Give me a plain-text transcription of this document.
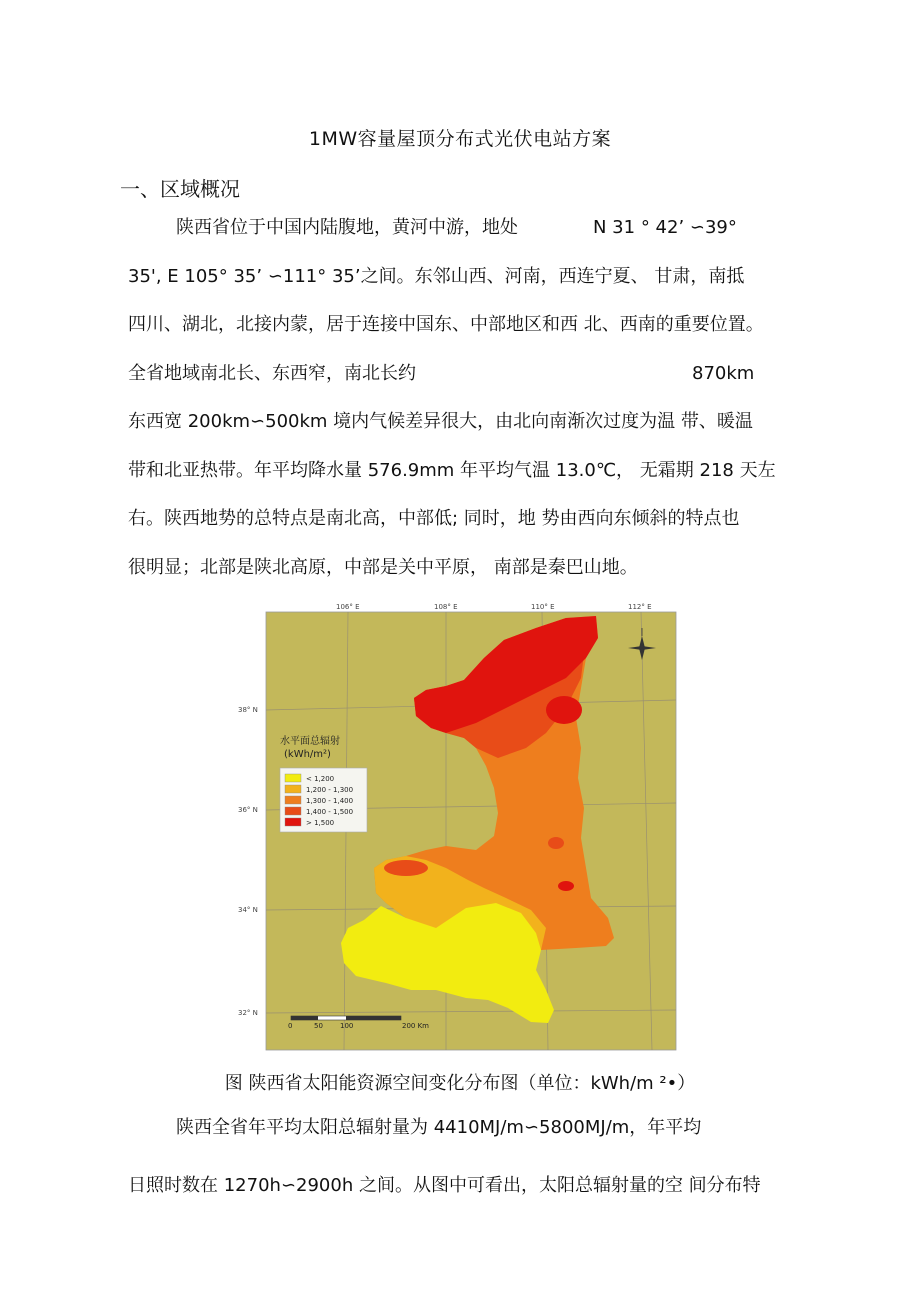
1MW容量屋顶分布式光伏电站方案
一、区域概况
陕西省位于中国内陆腹地，黄河中游，地处	N 31 ° 42’ ∽39°
35', E 105° 35’ ∽111° 35’之间。东邻山西、河南，西连宁夏、 甘肃，南抵
四川、湖北，北接内蒙，居于连接中国东、中部地区和西 北、西南的重要位置。
全省地域南北长、东西窄，南北长约	870km
东西宽 200km∽500km 境内气候差异很大，由北向南渐次过度为温 带、暖温
带和北亚热带。年平均降水量 576.9mm 年平均气温 13.0℃， 无霜期 218 天左
右。陕西地势的总特点是南北高，中部低; 同时，地 势由西向东倾斜的特点也
很明显；北部是陕北高原，中部是关中平原， 南部是秦巴山地。
106° E	108° E	110° E	112° E
38° N
36° N
34° N
32° N
水平面总辐射
(kWh/m²)
< 1,200
1,200 - 1,300
1,300 - 1,400
1,400 - 1,500
> 1,500
0	50 100	200 Km
图 陕西省太阳能资源空间变化分布图（单位：kWh/m ²•）
陕西全省年平均太阳总辐射量为 4410MJ/m∽5800MJ/m，年平均
日照时数在 1270h∽2900h 之间。从图中可看出，太阳总辐射量的空 间分布特
